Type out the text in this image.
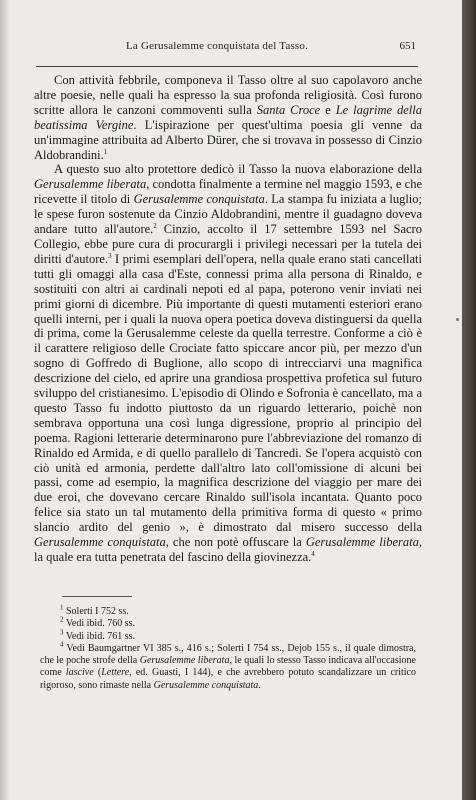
La Gerusalemme conquistata del Tasso.	651

Con attività febbrile, componeva il Tasso oltre al suo capolavoro anche altre poesie, nelle quali ha espresso la sua profonda religiosità. Così furono scritte allora le canzoni commoventi sulla Santa Croce e Le lagrime della beatissima Vergine. L'ispirazione per quest'ultima poesia gli venne da un'immagine attribuita ad Alberto Dürer, che si trovava in possesso di Cinzio Aldobrandini.$^1$

A questo suo alto protettore dedicò il Tasso la nuova elaborazione della Gerusalemme liberata, condotta finalmente a termine nel maggio 1593, e che ricevette il titolo di Gerusalemme conquistata. La stampa fu iniziata a luglio; le spese furon sostenute da Cinzio Aldobrandini, mentre il guadagno doveva andare tutto all'autore.$^2$ Cinzio, accolto il 17 settembre 1593 nel Sacro Collegio, ebbe pure cura di procurargli i privilegi necessari per la tutela dei diritti d'autore.$^3$ I primi esemplari dell'opera, nella quale erano stati cancellati tutti gli omaggi alla casa d'Este, connessi prima alla persona di Rinaldo, e sostituiti con altri ai cardinali nepoti ed al papa, poterono venir inviati nei primi giorni di dicembre. Più importante di questi mutamenti esteriori erano quelli interni, per i quali la nuova opera poetica doveva distinguersi da quella di prima, come la Gerusalemme celeste da quella terrestre. Conforme a ciò è il carattere religioso delle Crociate fatto spiccare ancor più, per mezzo d'un sogno di Goffredo di Buglione, allo scopo di intrecciarvi una magnifica descrizione del cielo, ed aprire una grandiosa prospettiva profetica sul futuro sviluppo del cristianesimo. L'episodio di Olindo e Sofronia è cancellato, ma a questo Tasso fu indotto piuttosto da un riguardo letterario, poichè non sembrava opportuna una così lunga digressione, proprio al principio del poema. Ragioni letterarie determinarono pure l'abbreviazione del romanzo di Rinaldo ed Armida, e di quello parallelo di Tancredi. Se l'opera acquistò con ciò unità ed armonia, perdette dall'altro lato coll'omissione di alcuni bei passi, come ad esempio, la magnifica descrizione del viaggio per mare dei due eroi, che dovevano cercare Rinaldo sull'isola incantata. Quanto poco felice sia stato un tal mutamento della primitiva forma di questo « primo slancio ardito del genio », è dimostrato dal misero successo della Gerusalemme conquistata, che non potè offuscare la Gerusalemme liberata, la quale era tutta penetrata del fascino della giovinezza.$^4$

$^1$ Solerti I 752 ss.

$^2$ Vedi ibid. 760 ss.

$^3$ Vedi ibid. 761 ss.

$^4$ Vedi Baumgartner VI 385 s., 416 s.; Solerti I 754 ss., Dejob 155 s., il quale dimostra, che le poche strofe della Gerusalemme liberata, le quali lo stesso Tasso indicava all'occasione come lascive (Lettere, ed. Guasti, I 144), e che avrebbero potuto scandalizzare un critico rigoroso, sono rimaste nella Gerusalemme conquistata.
